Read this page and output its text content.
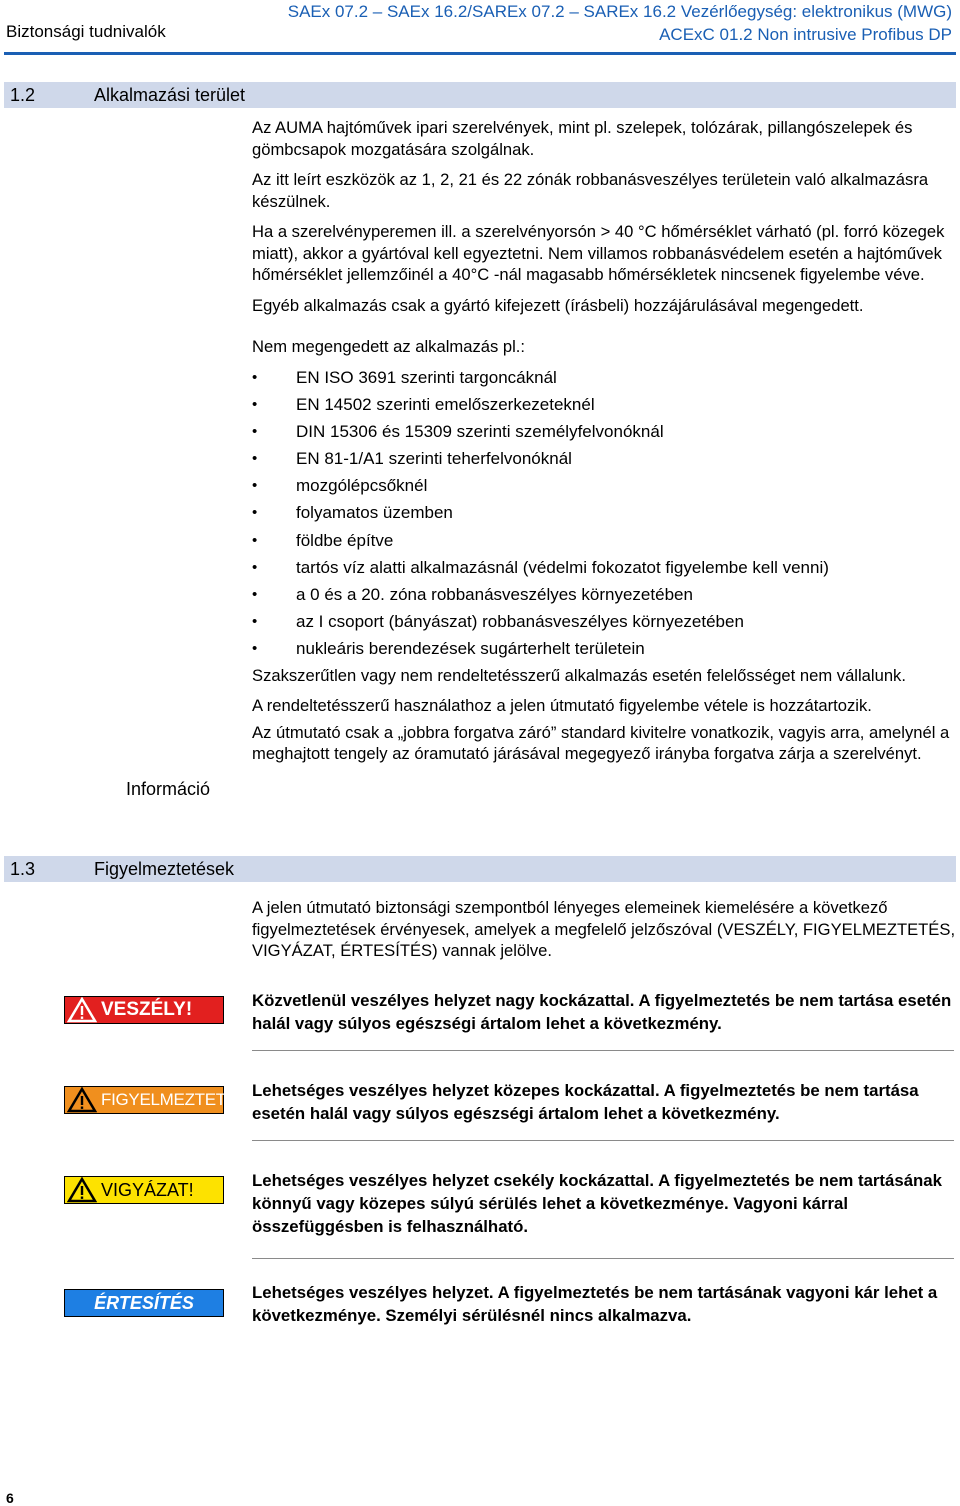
Biztonsági tudnivalók
SAEx 07.2 – SAEx 16.2/SAREx 07.2 – SAREx 16.2 Vezérlőegység: elektronikus (MWG)
ACExC 01.2 Non intrusive Profibus DP
1.2	Alkalmazási terület

Az AUMA hajtóművek ipari szerelvények, mint pl. szelepek, tolózárak, pillangószelepek és gömbcsapok mozgatására szolgálnak.

Az itt leírt eszközök az 1, 2, 21 és 22 zónák robbanásveszélyes területein való alkalmazásra készülnek.

Ha a szerelvényperemen ill. a szerelvényorsón > 40 °C hőmérséklet várható (pl. forró közegek miatt), akkor a gyártóval kell egyeztetni. Nem villamos robbanásvédelem esetén a hajtóművek hőmérséklet jellemzőinél a 40°C -nál magasabb hőmérsékletek nincsenek figyelembe véve.

Egyéb alkalmazás csak a gyártó kifejezett (írásbeli) hozzájárulásával megengedett.

Nem megengedett az alkalmazás pl.:

• EN ISO 3691 szerinti targoncáknál
• EN 14502 szerinti emelőszerkezeteknél
• DIN 15306 és 15309 szerinti személyfelvonóknál
• EN 81-1/A1 szerinti teherfelvonóknál
• mozgólépcsőknél
• folyamatos üzemben
• földbe építve
• tartós víz alatti alkalmazásnál (védelmi fokozatot figyelembe kell venni)
• a 0 és a 20. zóna robbanásveszélyes környezetében
• az I csoport (bányászat) robbanásveszélyes környezetében
• nukleáris berendezések sugárterhelt területein

Szakszerűtlen vagy nem rendeltetésszerű alkalmazás esetén felelősséget nem vállalunk.

A rendeltetésszerű használathoz a jelen útmutató figyelembe vétele is hozzátartozik.

Az útmutató csak a „jobbra forgatva záró” standard kivitelre vonatkozik, vagyis arra, amelynél a meghajtott tengely az óramutató járásával megegyező irányba forgatva zárja a szerelvényt.

Információ
1.3	Figyelmeztetések

A jelen útmutató biztonsági szempontból lényeges elemeinek kiemelésére a következő figyelmeztetések érvényesek, amelyek a megfelelő jelzőszóval (VESZÉLY, FIGYELMEZTETÉS, VIGYÁZAT, ÉRTESÍTÉS) vannak jelölve.

VESZÉLY!	Közvetlenül veszélyes helyzet nagy kockázattal. A figyelmeztetés be nem tartása esetén halál vagy súlyos egészségi ártalom lehet a következmény.
FIGYELMEZTETÉS! Lehetséges veszélyes helyzet közepes kockázattal. A figyelmeztetés be nem tartása esetén halál vagy súlyos egészségi ártalom lehet a következmény.
VIGYÁZAT!	Lehetséges veszélyes helyzet csekély kockázattal. A figyelmeztetés be nem tartásának könnyű vagy közepes súlyú sérülés lehet a következménye. Vagyoni kárral összefüggésben is felhasználható.
ÉRTESÍTÉS	Lehetséges veszélyes helyzet. A figyelmeztetés be nem tartásának vagyoni kár lehet a következménye. Személyi sérülésnél nincs alkalmazva.
6
